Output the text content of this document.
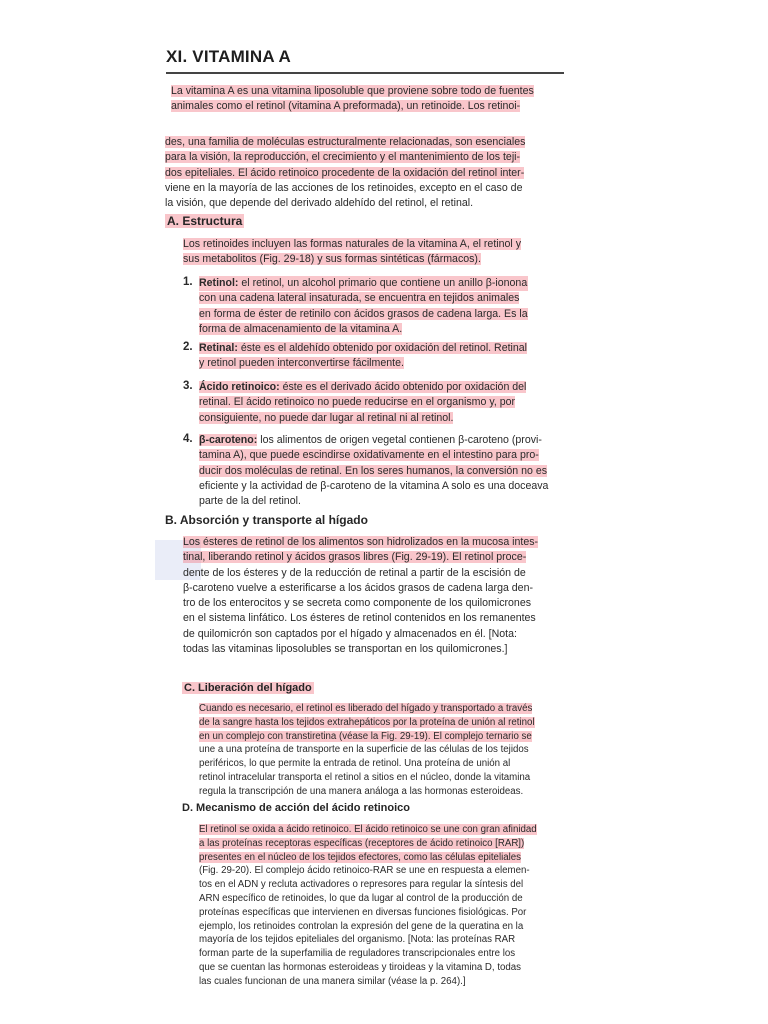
XI. VITAMINA A
La vitamina A es una vitamina liposoluble que proviene sobre todo de fuentes
animales como el retinol (vitamina A preformada), un retinoide. Los retinoi-
des, una familia de moléculas estructuralmente relacionadas, son esenciales
para la visión, la reproducción, el crecimiento y el mantenimiento de los teji-
dos epiteliales. El ácido retinoico procedente de la oxidación del retinol inter-
viene en la mayoría de las acciones de los retinoides, excepto en el caso de
la visión, que depende del derivado aldehído del retinol, el retinal.
A. Estructura
Los retinoides incluyen las formas naturales de la vitamina A, el retinol y
sus metabolitos (Fig. 29-18) y sus formas sintéticas (fármacos).
1. Retinol: el retinol, un alcohol primario que contiene un anillo β-ionona
con una cadena lateral insaturada, se encuentra en tejidos animales
en forma de éster de retinilo con ácidos grasos de cadena larga. Es la
forma de almacenamiento de la vitamina A.
2. Retinal: éste es el aldehído obtenido por oxidación del retinol. Retinal
y retinol pueden interconvertirse fácilmente.
3. Ácido retinoico: éste es el derivado ácido obtenido por oxidación del
retinal. El ácido retinoico no puede reducirse en el organismo y, por
consiguiente, no puede dar lugar al retinal ni al retinol.
4. β-caroteno: los alimentos de origen vegetal contienen β-caroteno (provi-
tamina A), que puede escindirse oxidativamente en el intestino para pro-
ducir dos moléculas de retinal. En los seres humanos, la conversión no es
eficiente y la actividad de β-caroteno de la vitamina A solo es una doceava
parte de la del retinol.
B. Absorción y transporte al hígado
Los ésteres de retinol de los alimentos son hidrolizados en la mucosa intes-
tinal, liberando retinol y ácidos grasos libres (Fig. 29-19). El retinol proce-
dente de los ésteres y de la reducción de retinal a partir de la escisión de
β-caroteno vuelve a esterificarse a los ácidos grasos de cadena larga den-
tro de los enterocitos y se secreta como componente de los quilomicrones
en el sistema linfático. Los ésteres de retinol contenidos en los remanentes
de quilomicrón son captados por el hígado y almacenados en él. [Nota:
todas las vitaminas liposolubles se transportan en los quilomicrones.]
C. Liberación del hígado
Cuando es necesario, el retinol es liberado del hígado y transportado a través
de la sangre hasta los tejidos extrahepáticos por la proteína de unión al retinol
en un complejo con transtiretina (véase la Fig. 29-19). El complejo ternario se
une a una proteína de transporte en la superficie de las células de los tejidos
periféricos, lo que permite la entrada de retinol. Una proteína de unión al
retinol intracelular transporta el retinol a sitios en el núcleo, donde la vitamina
regula la transcripción de una manera análoga a las hormonas esteroideas.
D. Mecanismo de acción del ácido retinoico
El retinol se oxida a ácido retinoico. El ácido retinoico se une con gran afinidad
a las proteínas receptoras específicas (receptores de ácido retinoico [RAR])
presentes en el núcleo de los tejidos efectores, como las células epiteliales
(Fig. 29-20). El complejo ácido retinoico-RAR se une en respuesta a elemen-
tos en el ADN y recluta activadores o represores para regular la síntesis del
ARN específico de retinoides, lo que da lugar al control de la producción de
proteínas específicas que intervienen en diversas funciones fisiológicas. Por
ejemplo, los retinoides controlan la expresión del gene de la queratina en la
mayoría de los tejidos epiteliales del organismo. [Nota: las proteínas RAR
forman parte de la superfamilia de reguladores transcripcionales entre los
que se cuentan las hormonas esteroideas y tiroideas y la vitamina D, todas
las cuales funcionan de una manera similar (véase la p. 264).]
